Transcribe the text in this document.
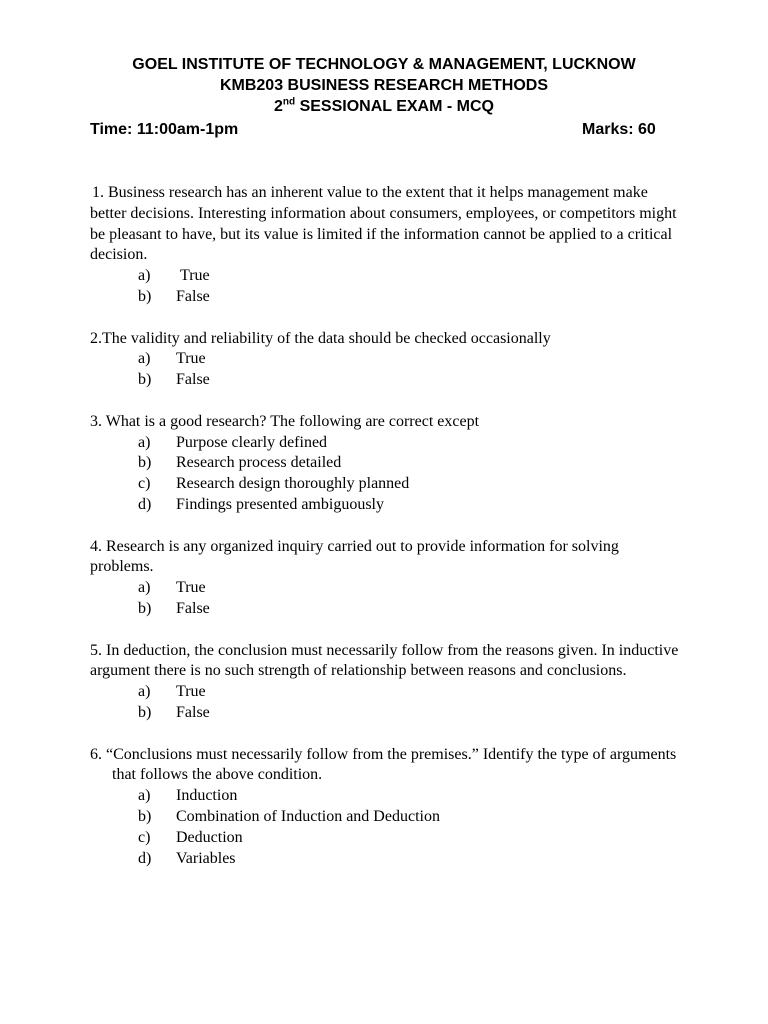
GOEL INSTITUTE OF TECHNOLOGY & MANAGEMENT, LUCKNOW
KMB203 BUSINESS RESEARCH METHODS
2nd SESSIONAL EXAM - MCQ
Time: 11:00am-1pm	Marks: 60

1. Business research has an inherent value to the extent that it helps management make better decisions. Interesting information about consumers, employees, or competitors might be pleasant to have, but its value is limited if the information cannot be applied to a critical decision.

a) True
b) False

2.The validity and reliability of the data should be checked occasionally

a) True
b) False

3. What is a good research? The following are correct except

a) Purpose clearly defined
b) Research process detailed
c) Research design thoroughly planned
d) Findings presented ambiguously

4. Research is any organized inquiry carried out to provide information for solving problems.

a) True
b) False

5. In deduction, the conclusion must necessarily follow from the reasons given. In inductive argument there is no such strength of relationship between reasons and conclusions.

a) True
b) False

6. “Conclusions must necessarily follow from the premises.” Identify the type of arguments that follows the above condition.

a) Induction
b) Combination of Induction and Deduction
c) Deduction
d) Variables
